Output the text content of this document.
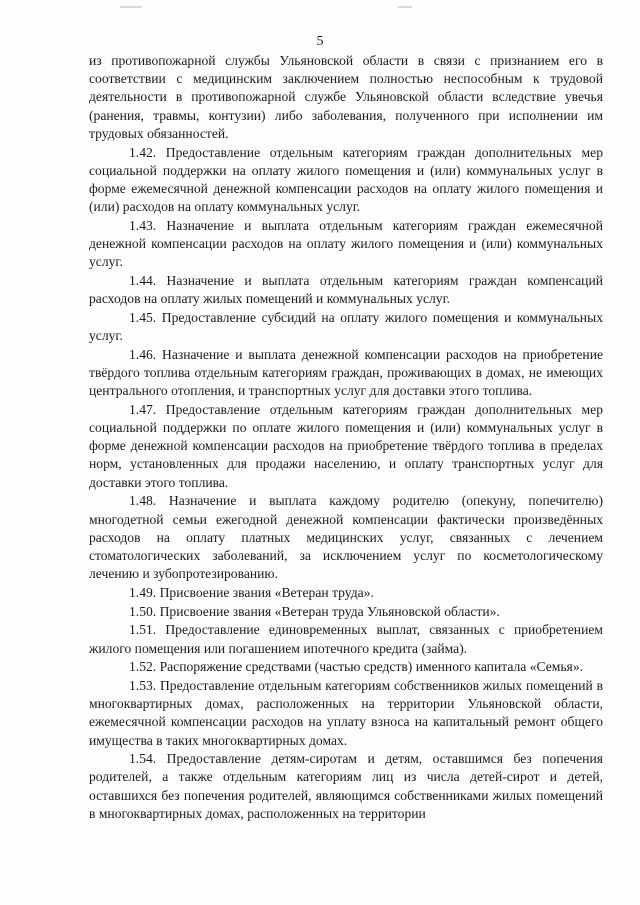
5

из противопожарной службы Ульяновской области в связи с признанием его в соответствии с медицинским заключением полностью неспособным к трудовой деятельности в противопожарной службе Ульяновской области вследствие увечья (ранения, травмы, контузии) либо заболевания, полученного при исполнении им трудовых обязанностей.

1.42. Предоставление отдельным категориям граждан дополнительных мер социальной поддержки на оплату жилого помещения и (или) коммунальных услуг в форме ежемесячной денежной компенсации расходов на оплату жилого помещения и (или) расходов на оплату коммунальных услуг.

1.43. Назначение и выплата отдельным категориям граждан ежемесячной денежной компенсации расходов на оплату жилого помещения и (или) коммунальных услуг.

1.44. Назначение и выплата отдельным категориям граждан компенсаций расходов на оплату жилых помещений и коммунальных услуг.

1.45. Предоставление субсидий на оплату жилого помещения и коммунальных услуг.

1.46. Назначение и выплата денежной компенсации расходов на приобретение твёрдого топлива отдельным категориям граждан, проживающих в домах, не имеющих центрального отопления, и транспортных услуг для доставки этого топлива.

1.47. Предоставление отдельным категориям граждан дополнительных мер социальной поддержки по оплате жилого помещения и (или) коммунальных услуг в форме денежной компенсации расходов на приобретение твёрдого топлива в пределах норм, установленных для продажи населению, и оплату транспортных услуг для доставки этого топлива.

1.48. Назначение и выплата каждому родителю (опекуну, попечителю) многодетной семьи ежегодной денежной компенсации фактически произведённых расходов на оплату платных медицинских услуг, связанных с лечением стоматологических заболеваний, за исключением услуг по косметологическому лечению и зубопротезированию.

1.49. Присвоение звания «Ветеран труда».

1.50. Присвоение звания «Ветеран труда Ульяновской области».

1.51. Предоставление единовременных выплат, связанных с приобретением жилого помещения или погашением ипотечного кредита (займа).

1.52. Распоряжение средствами (частью средств) именного капитала «Семья».

1.53. Предоставление отдельным категориям собственников жилых помещений в многоквартирных домах, расположенных на территории Ульяновской области, ежемесячной компенсации расходов на уплату взноса на капитальный ремонт общего имущества в таких многоквартирных домах.

1.54. Предоставление детям-сиротам и детям, оставшимся без попечения родителей, а также отдельным категориям лиц из числа детей-сирот и детей, оставшихся без попечения родителей, являющимся собственниками жилых помещений в многоквартирных домах, расположенных на территории
